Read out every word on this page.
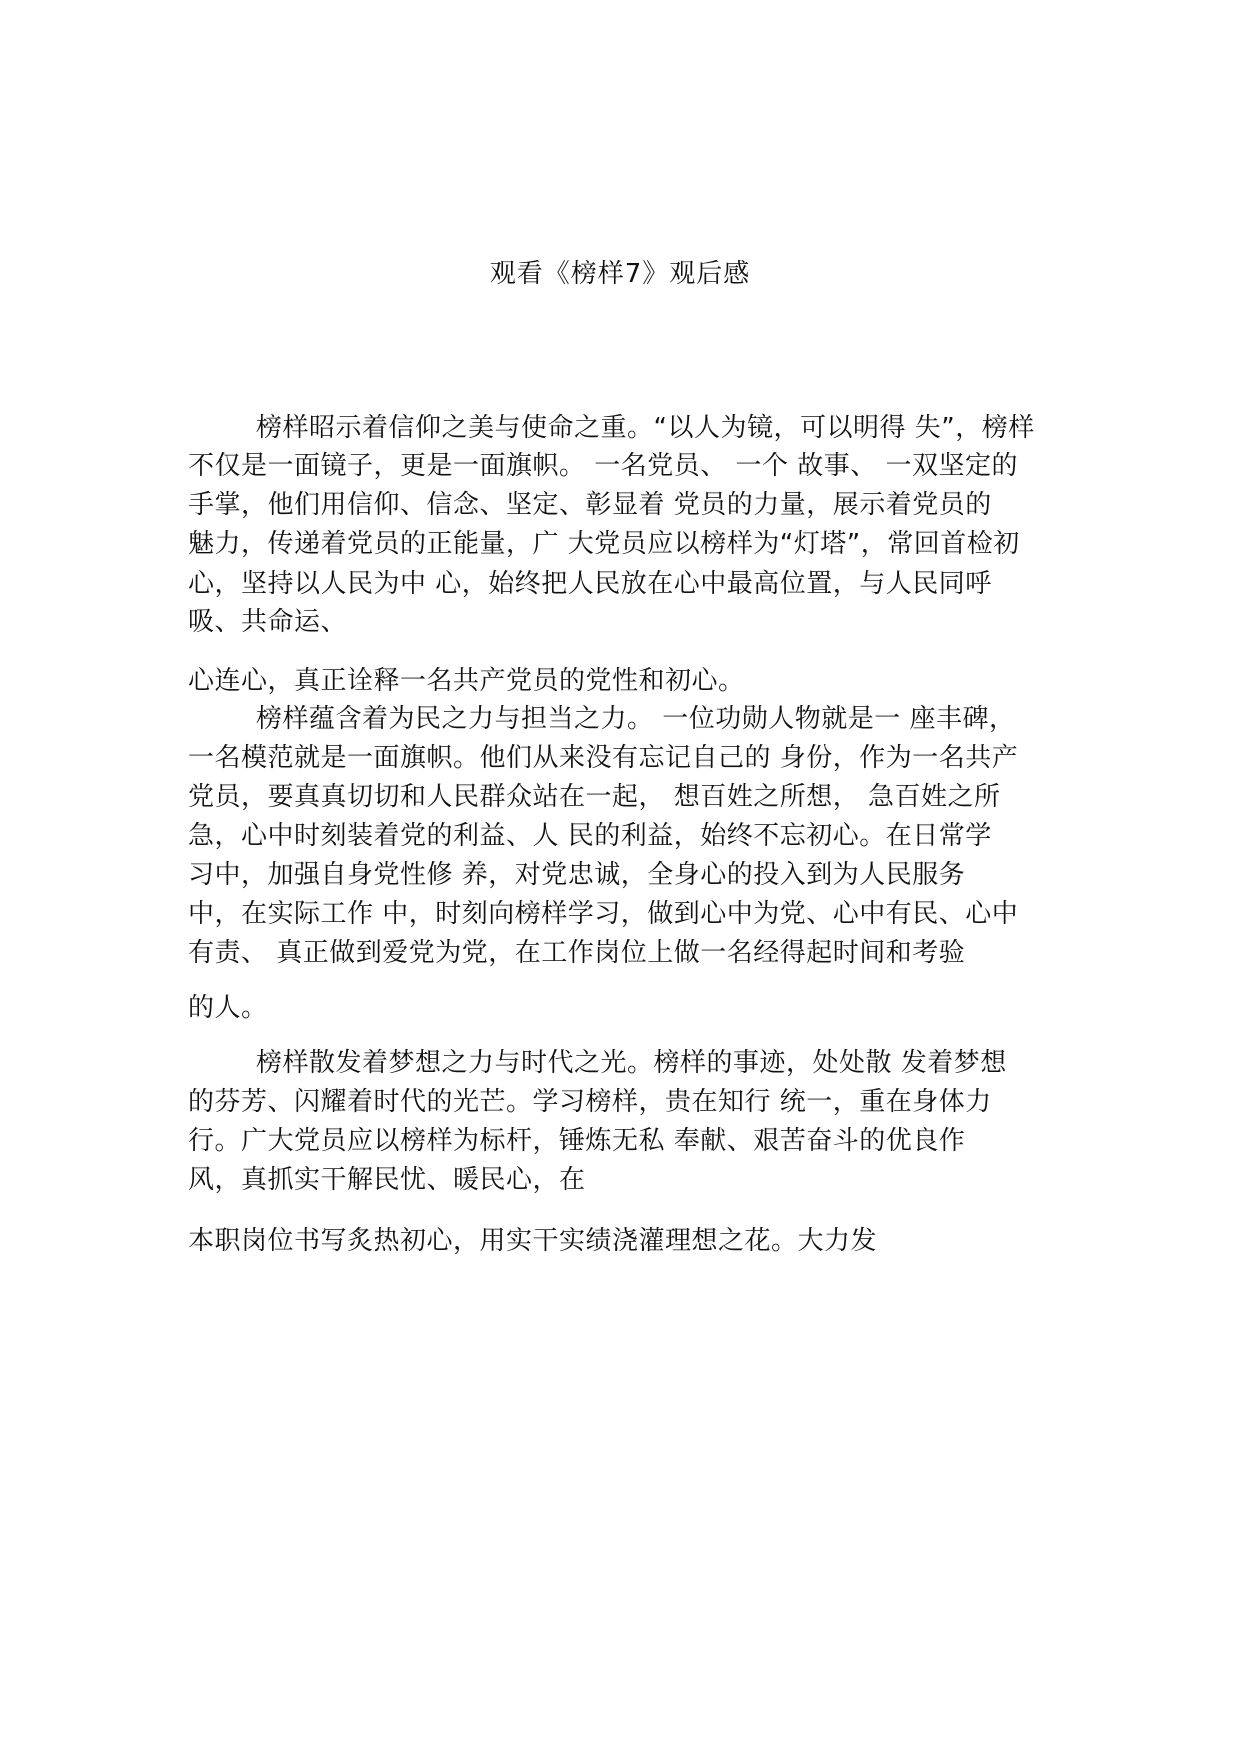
观看《榜样7》观后感
榜样昭示着信仰之美与使命之重。“以人为镜，可以明得 失”，榜样
不仅是一面镜子，更是一面旗帜。 一名党员、 一个 故事、 一双坚定的
手掌，他们用信仰、信念、坚定、彰显着 党员的力量，展示着党员的
魅力，传递着党员的正能量，广 大党员应以榜样为“灯塔”，常回首检初
心，坚持以人民为中 心，始终把人民放在心中最高位置，与人民同呼
吸、共命运、
心连心，真正诠释一名共产党员的党性和初心。
榜样蕴含着为民之力与担当之力。 一位功勋人物就是一 座丰碑，
一名模范就是一面旗帜。他们从来没有忘记自己的 身份，作为一名共产
党员，要真真切切和人民群众站在一起， 想百姓之所想， 急百姓之所
急，心中时刻装着党的利益、人 民的利益，始终不忘初心。在日常学
习中，加强自身党性修 养，对党忠诚，全身心的投入到为人民服务
中，在实际工作 中，时刻向榜样学习，做到心中为党、心中有民、心中
有责、 真正做到爱党为党，在工作岗位上做一名经得起时间和考验
的人。
榜样散发着梦想之力与时代之光。榜样的事迹，处处散 发着梦想
的芬芳、闪耀着时代的光芒。学习榜样，贵在知行 统一，重在身体力
行。广大党员应以榜样为标杆，锤炼无私 奉献、艰苦奋斗的优良作
风，真抓实干解民忧、暖民心，在
本职岗位书写炙热初心，用实干实绩浇灌理想之花。大力发
